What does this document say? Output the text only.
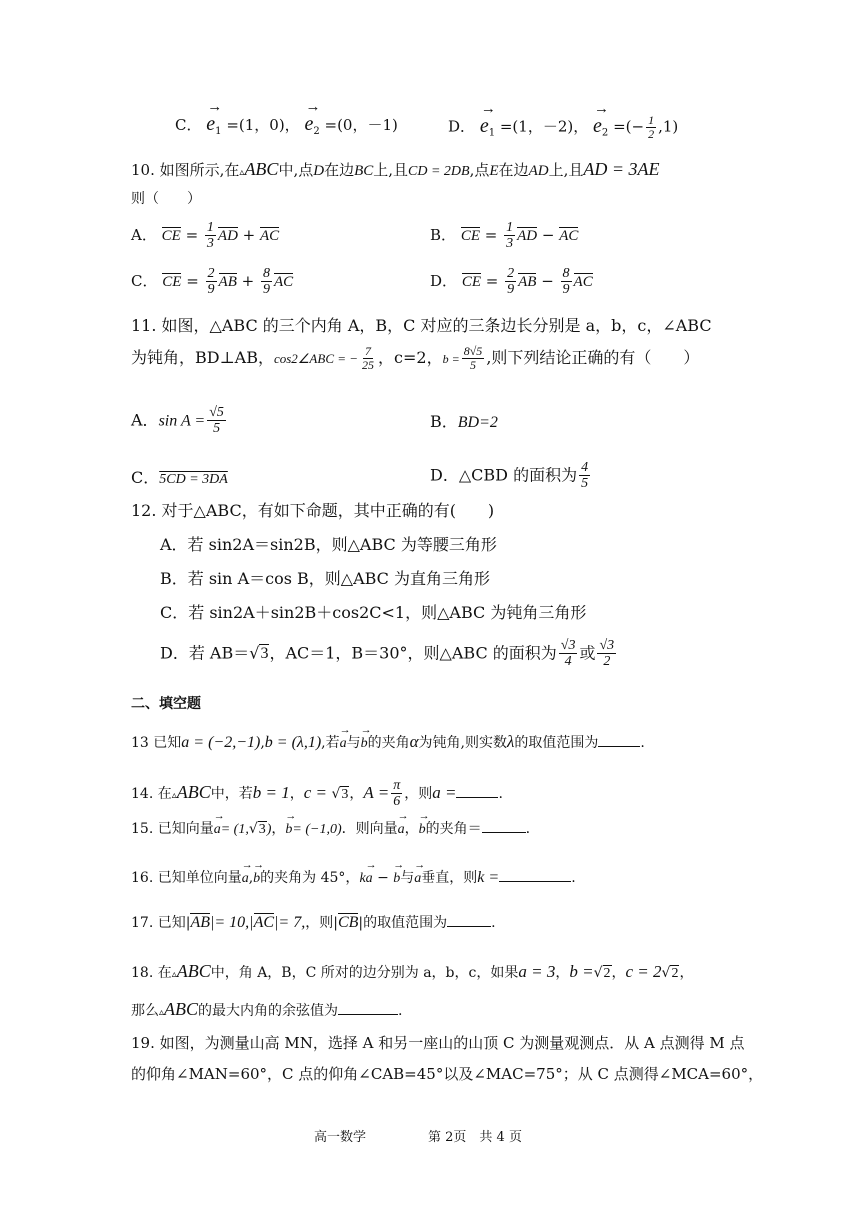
C． → $e_1 =(1$，0)， → $e_2 =(0$，－1)	D． → $e_1 =(1$，－2)， → $e_2$ =(− $\frac{1}{2} ,1$)
10. 如图所示,在▵ABC中,点D在边BC上,且CD = 2DB,点E在边AD上,且AD = 3AE
则（　　）
A． CE = $\frac{1}{3}$ AD + AC	B． CE = $\frac{1}{3}$ AD − AC
C． CE = $\frac{2}{9}$ AB + $\frac{8}{9}$ AC	D． CE = $\frac{2}{9}$ AB − $\frac{8}{9}$ AC
11. 如图，△ABC 的三个内角 A，B，C 对应的三条边长分别是 a，b，c，∠ABC
为钝角，BD⊥AB，cos2∠ABC = − $\frac{7}{25}$ ，c=2，$b = \frac{8√5}{5}$ ,则下列结论正确的有（　　）
A．$\sin A = \frac{√5}{5}$	B．BD=2
C．5CD = 3DA	D．△CBD 的面积为 $\frac{4}{5}$
12. 对于△ABC，有如下命题，其中正确的有(　　)
A．若 sin2A＝sin2B，则△ABC 为等腰三角形
B．若 sin A＝cos B，则△ABC 为直角三角形
C．若 sin2A＋sin2B＋cos2C<1，则△ABC 为钝角三角形
D．若 AB＝√3，AC＝1，B＝30°，则△ABC 的面积为 $\frac{√3}{4}$ 或 $\frac{√3}{2}$
二、填空题
13 已知a = (−2,−1),b = (λ,1),若→ a与→ b的夹角α为钝角,则实数λ的取值范围为	.
14. 在▵ABC中，若b = 1，c = √3，$A = \frac{\pi}{6}$ ，则a =	.
15. 已知向量→ a= (1,√3)，→ b= (−1,0)．则向量→ a，→ b的夹角＝	.
16. 已知单位向量→ a,→ b的夹角为 45°，k→ a − → b与→ a垂直，则k =	.
17. 已知|AB|= 10,|AC|= 7,，则|CB|的取值范围为	.
18. 在▵ABC中，角 A，B，C 所对的边分别为 a，b，c，如果a = 3，b =√2，c = 2√2，
那么▵ABC的最大内角的余弦值为	.
19. 如图，为测量山高 MN，选择 A 和另一座山的山顶 C 为测量观测点．从 A 点测得 M 点
的仰角∠MAN=60°，C 点的仰角∠CAB=45°以及∠MAC=75°；从 C 点测得∠MCA=60°，
高一数学	第 2页　共 4 页
